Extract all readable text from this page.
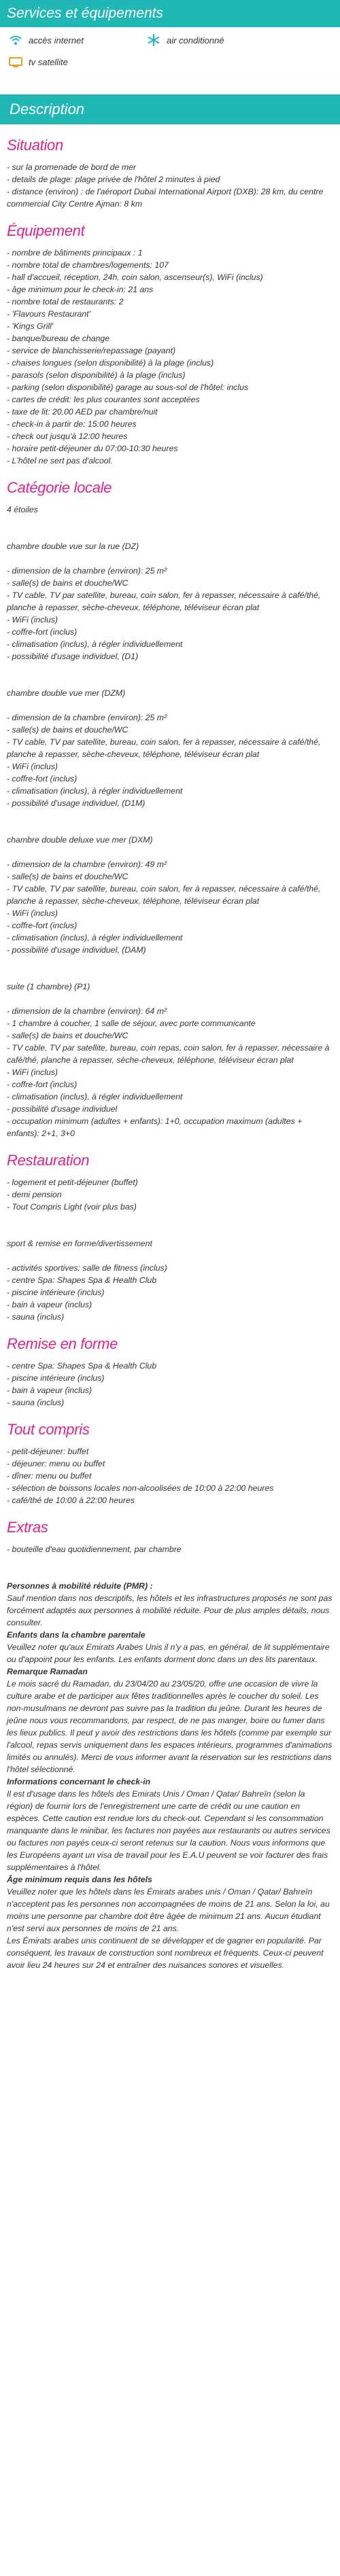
Services et équipements
accès internet	air conditionné
tv satellite
Description
Situation
- sur la promenade de bord de mer
- details de plage: plage privée de l'hôtel 2 minutes à pied
- distance (environ) : de l'aéroport Dubaï International Airport (DXB): 28 km, du centre commercial City Centre Ajman: 8 km
Équipement
- nombre de bâtiments principaux : 1
- nombre total de chambres/logements: 107
- hall d'accueil, réception, 24h, coin salon, ascenseur(s), WiFi (inclus)
- âge minimum pour le check-in: 21 ans
- nombre total de restaurants: 2
- 'Flavours Restaurant'
- 'Kings Grill'
- banque/bureau de change
- service de blanchisserie/repassage (payant)
- chaises longues (selon disponibilité) à la plage (inclus)
- parasols (selon disponibilité) à la plage (inclus)
- parking (selon disponibilité) garage au sous-sol de l'hôtel: inclus
- cartes de crédit: les plus courantes sont acceptées
- taxe de lit: 20,00 AED par chambre/nuit
- check-in à partir de: 15:00 heures
- check out jusqu'à 12:00 heures
- horaire petit-déjeuner du 07:00-10:30 heures
- L'hôtel ne sert pas d'alcool.
Catégorie locale
4 étoiles
chambre double vue sur la rue (DZ)
- dimension de la chambre (environ): 25 m²
- salle(s) de bains et douche/WC
- TV cable, TV par satellite, bureau, coin salon, fer à repasser, nécessaire à café/thé, planche à repasser, sèche-cheveux, téléphone, téléviseur écran plat
- WiFi (inclus)
- coffre-fort (inclus)
- climatisation (inclus), à régler individuellement
- possibilité d'usage individuel, (D1)
chambre double vue mer (DZM)
- dimension de la chambre (environ): 25 m²
- salle(s) de bains et douche/WC
- TV cable, TV par satellite, bureau, coin salon, fer à repasser, nécessaire à café/thé, planche à repasser, sèche-cheveux, téléphone, téléviseur écran plat
- WiFi (inclus)
- coffre-fort (inclus)
- climatisation (inclus), à régler individuellement
- possibilité d'usage individuel, (D1M)
chambre double deluxe vue mer (DXM)
- dimension de la chambre (environ): 49 m²
- salle(s) de bains et douche/WC
- TV cable, TV par satellite, bureau, coin salon, fer à repasser, nécessaire à café/thé, planche à repasser, sèche-cheveux, téléphone, téléviseur écran plat
- WiFi (inclus)
- coffre-fort (inclus)
- climatisation (inclus), à régler individuellement
- possibilité d'usage individuel, (DAM)
suite (1 chambre) (P1)
- dimension de la chambre (environ): 64 m²
- 1 chambre à coucher, 1 salle de séjour, avec porte communicante
- salle(s) de bains et douche/WC
- TV cable, TV par satellite, bureau, coin repas, coin salon, fer à repasser, nécessaire à café/thé, planche à repasser, sèche-cheveux, téléphone, téléviseur écran plat
- WiFi (inclus)
- coffre-fort (inclus)
- climatisation (inclus), à régler individuellement
- possibilité d'usage individuel
- occupation minimum (adultes + enfants): 1+0, occupation maximum (adultes + enfants): 2+1, 3+0
Restauration
- logement et petit-déjeuner (buffet)
- demi pension
- Tout Compris Light (voir plus bas)
sport & remise en forme/divertissement
- activités sportives: salle de fitness (inclus)
- centre Spa: Shapes Spa & Health Club
- piscine intérieure (inclus)
- bain à vapeur (inclus)
- sauna (inclus)
Remise en forme
- centre Spa: Shapes Spa & Health Club
- piscine intérieure (inclus)
- bain à vapeur (inclus)
- sauna (inclus)
Tout compris
- petit-déjeuner: buffet
- déjeuner: menu ou buffet
- dîner: menu ou buffet
- sélection de boissons locales non-alcoolisées de 10:00 à 22:00 heures
- café/thé de 10:00 à 22:00 heures
Extras
- bouteille d'eau quotidiennement, par chambre
Personnes à mobilité réduite (PMR) :
Sauf mention dans nos descriptifs, les hôtels et les infrastructures proposés ne sont pas forcément adaptés aux personnes à mobilité réduite. Pour de plus amples détails, nous consulter.
Enfants dans la chambre parentale
Veuillez noter qu'aux Emirats Arabes Unis il n'y a pas, en général, de lit supplémentaire ou d'appoint pour les enfants. Les enfants dorment donc dans un des lits parentaux.
Remarque Ramadan
Le mois sacré du Ramadan, du 23/04/20 au 23/05/20, offre une occasion de vivre la culture arabe et de participer aux fêtes traditionnelles après le coucher du soleil. Les non-musulmans ne devront pas suivre pas la tradition du jeûne. Durant les heures de jeûne nous vous recommandons, par respect, de ne pas manger, boire ou fumer dans les lieux publics. Il peut y avoir des restrictions dans les hôtels (comme par exemple sur l'alcool, repas servis uniquement dans les espaces intérieurs, programmes d'animations limités ou annulés). Merci de vous informer avant la réservation sur les restrictions dans l'hôtel sélectionné.
Informations concernant le check-in
Il est d'usage dans les hôtels des Emirats Unis / Oman / Qatar/ Bahreïn (selon la région) de fournir lors de l'enregistrement une carte de crédit ou une caution en espèces. Cette caution est rendue lors du check-out. Cependant si les consommation manquante dans le minibar, les factures non payées aux restaurants ou autres services ou factures non payés ceux-ci seront retenus sur la caution. Nous vous informons que les Européens ayant un visa de travail pour les E.A.U peuvent se voir facturer des frais supplémentaires à l'hôtel.
Âge minimum requis dans les hôtels
Veuillez noter que les hôtels dans les Émirats arabes unis / Oman / Qatar/ Bahreïn n'acceptent pas les personnes non accompagnées de moins de 21 ans. Selon la loi, au moins une personne par chambre doit être âgée de minimum 21 ans. Aucun étudiant n'est servi aux personnes de moins de 21 ans.
Les Émirats arabes unis continuent de se développer et de gagner en popularité. Par conséquent, les travaux de construction sont nombreux et fréquents. Ceux-ci peuvent avoir lieu 24 heures sur 24 et entraîner des nuisances sonores et visuelles.
